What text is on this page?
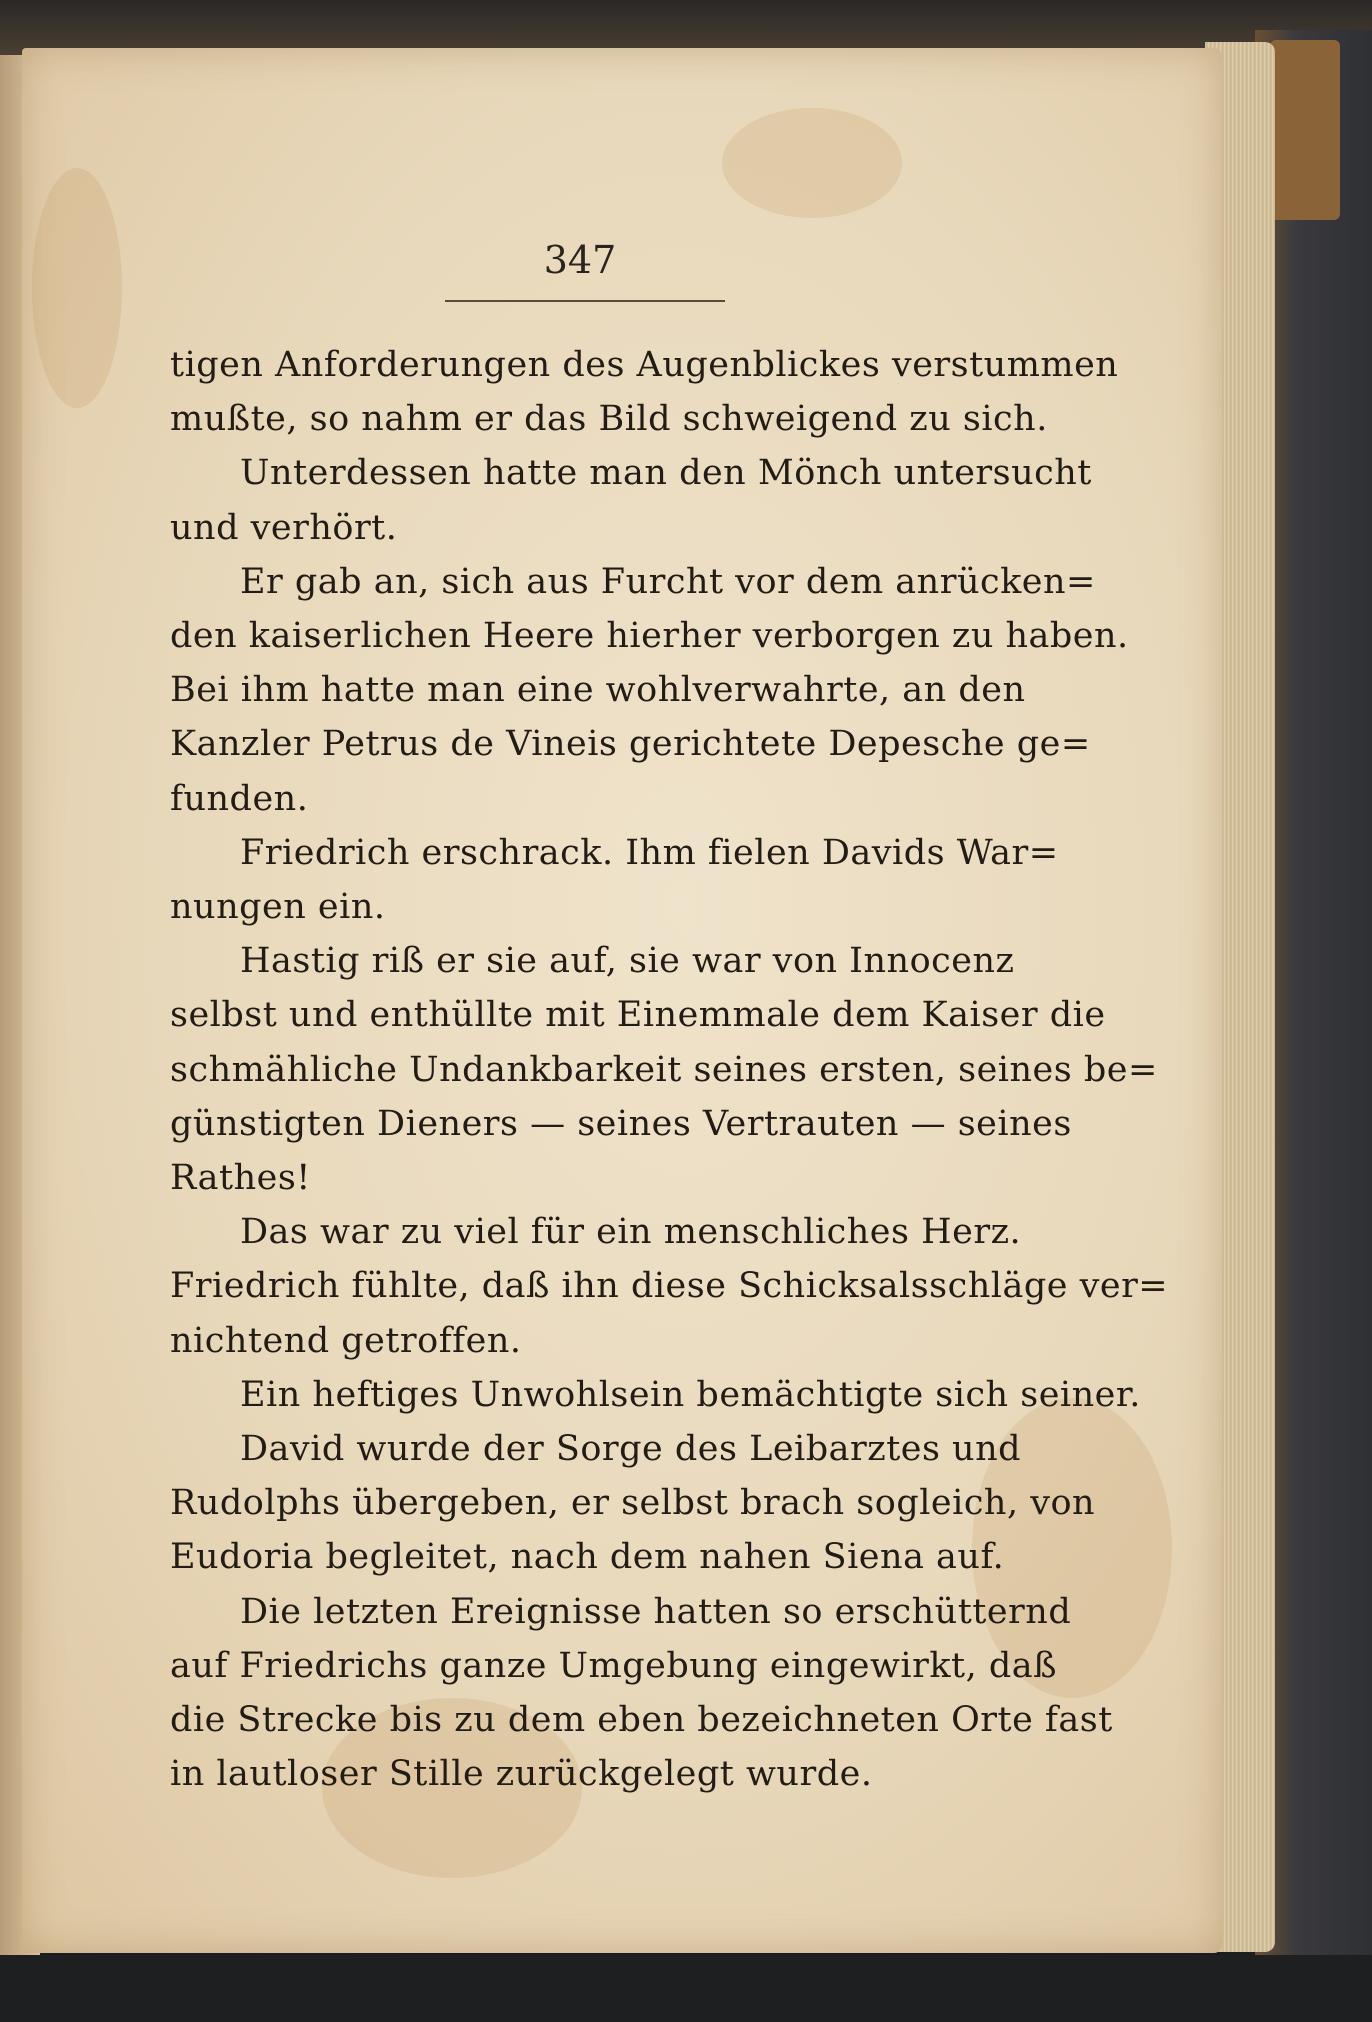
347
tigen Anforderungen des Augenblickes verstummen
mußte, so nahm er das Bild schweigend zu sich.
Unterdessen hatte man den Mönch untersucht
und verhört.
Er gab an, sich aus Furcht vor dem anrücken=
den kaiserlichen Heere hierher verborgen zu haben.
Bei ihm hatte man eine wohlverwahrte, an den
Kanzler Petrus de Vineis gerichtete Depesche ge=
funden.
Friedrich erschrack. Ihm fielen Davids War=
nungen ein.
Hastig riß er sie auf, sie war von Innocenz
selbst und enthüllte mit Einemmale dem Kaiser die
schmähliche Undankbarkeit seines ersten, seines be=
günstigten Dieners — seines Vertrauten — seines
Rathes!
Das war zu viel für ein menschliches Herz.
Friedrich fühlte, daß ihn diese Schicksalsschläge ver=
nichtend getroffen.
Ein heftiges Unwohlsein bemächtigte sich seiner.
David wurde der Sorge des Leibarztes und
Rudolphs übergeben, er selbst brach sogleich, von
Eudoria begleitet, nach dem nahen Siena auf.
Die letzten Ereignisse hatten so erschütternd
auf Friedrichs ganze Umgebung eingewirkt, daß
die Strecke bis zu dem eben bezeichneten Orte fast
in lautloser Stille zurückgelegt wurde.
